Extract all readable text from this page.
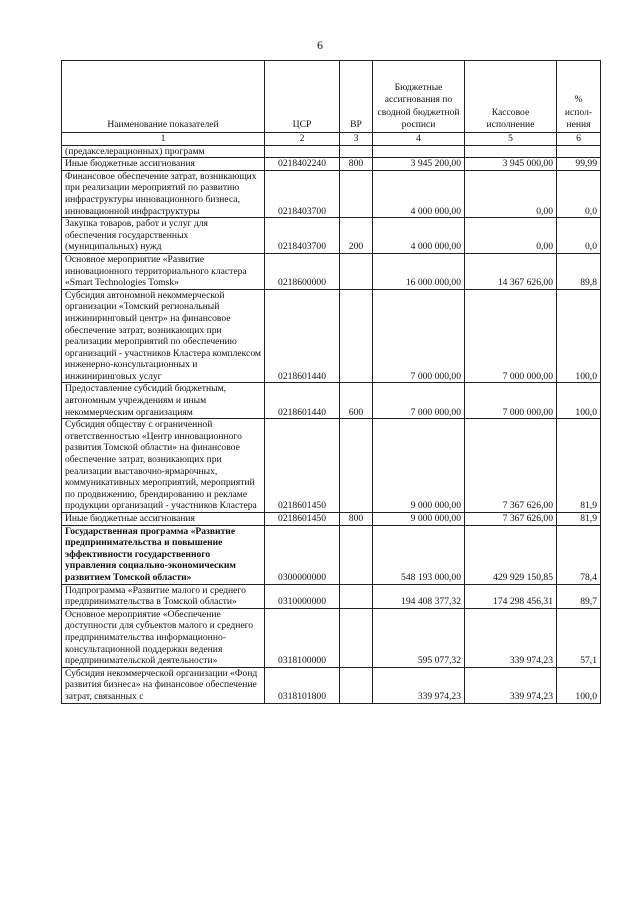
6
Наименование показателей	ЦСР	ВР	Бюджетные ассигнования по сводной бюджетной росписи	Кассовое исполнение	% испол-нения
1	2	3	4	5	6
(предакселерационных) программ					
Иные бюджетные ассигнования	0218402240	800	3 945 200,00	3 945 000,00	99,99
Финансовое обеспечение затрат, возникающих при реализации мероприятий по развитию инфраструктуры инновационного бизнеса, инновационной инфраструктуры	0218403700		4 000 000,00	0,00	0,0
Закупка товаров, работ и услуг для обеспечения государственных (муниципальных) нужд	0218403700	200	4 000 000,00	0,00	0,0
Основное мероприятие «Развитие инновационного территориального кластера «Smart Technologies Tomsk»	0218600000		16 000 000,00	14 367 626,00	89,8
Субсидия автономной некоммерческой организации «Томский региональный инжиниринговый центр» на финансовое обеспечение затрат, возникающих при реализации мероприятий по обеспечению организаций - участников Кластера комплексом инженерно-консультационных и инжиниринговых услуг	0218601440		7 000 000,00	7 000 000,00	100,0
Предоставление субсидий бюджетным, автономным учреждениям и иным некоммерческим организациям	0218601440	600	7 000 000,00	7 000 000,00	100,0
Субсидия обществу с ограниченной ответственностью «Центр инновационного развития Томской области» на финансовое обеспечение затрат, возникающих при реализации выставочно-ярмарочных, коммуникативных мероприятий, мероприятий по продвижению, брендированию и рекламе продукции организаций - участников Кластера	0218601450		9 000 000,00	7 367 626,00	81,9
Иные бюджетные ассигнования	0218601450	800	9 000 000,00	7 367 626,00	81,9
Государственная программа «Развитие предпринимательства и повышение эффективности государственного управления социально-экономическим развитием Томской области»	0300000000		548 193 000,00	429 929 150,85	78,4
Подпрограмма «Развитие малого и среднего предпринимательства в Томской области»	0310000000		194 408 377,32	174 298 456,31	89,7
Основное мероприятие «Обеспечение доступности для субъектов малого и среднего предпринимательства информационно-консультационной поддержки ведения предпринимательской деятельности»	0318100000		595 077,32	339 974,23	57,1
Субсидия некоммерческой организации «Фонд развития бизнеса» на финансовое обеспечение затрат, связанных с	0318101800		339 974,23	339 974,23	100,0
